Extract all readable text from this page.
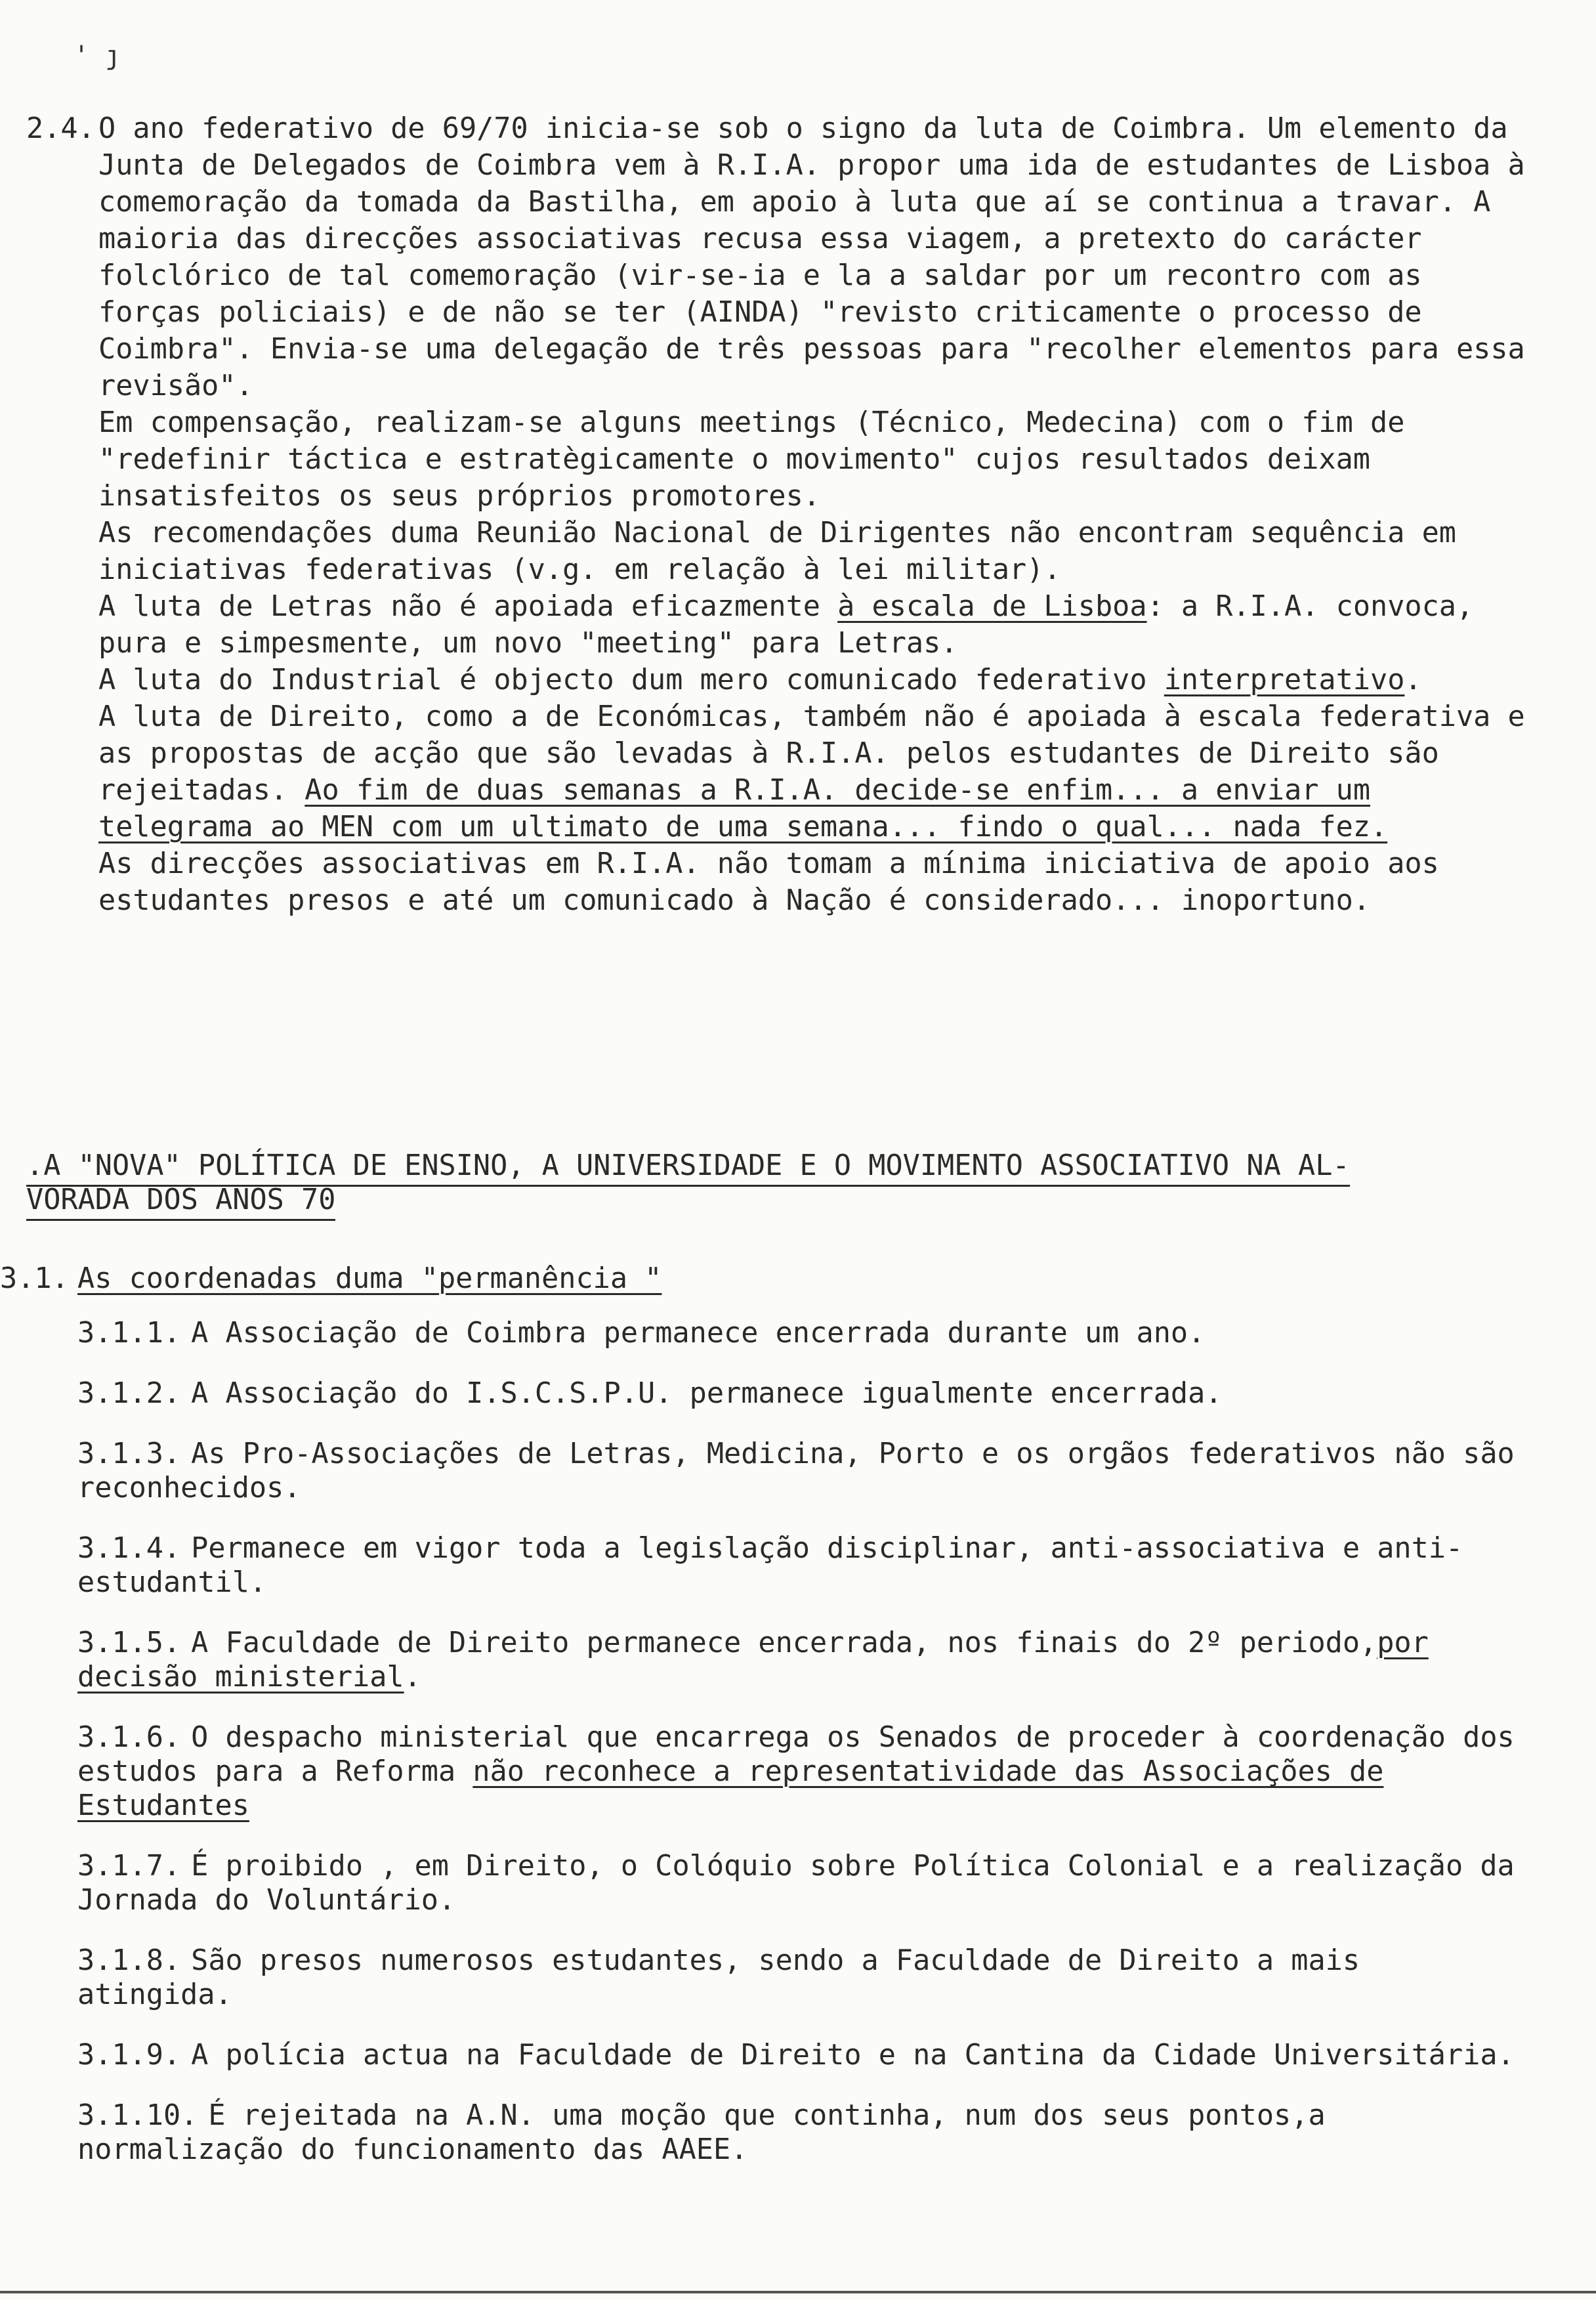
' ȷ
2.4. O ano federativo de 69/70 inicia-se sob o signo da luta de Coimbra. Um elemento da Junta de Delegados de Coimbra vem à R.I.A. propor uma ida de estudantes de Lisboa à comemoração da tomada da Bastilha, em apoio à luta que aí se continua a travar. A maioria das direcções associativas recusa essa viagem, a pretexto do carácter folclórico de tal comemoração (vir-se-ia e la a saldar por um recontro com as forças policiais) e de não se ter (AINDA) "revisto criticamente o processo de Coimbra". Envia-se uma delegação de três pessoas para "recolher elementos para essa revisão".
Em compensação, realizam-se alguns meetings (Técnico, Medecina) com o fim de "redefinir táctica e estratègicamente o movimento" cujos resultados deixam insatisfeitos os seus próprios promotores.
As recomendações duma Reunião Nacional de Dirigentes não encontram sequência em iniciativas federativas (v.g. em relação à lei militar).
A luta de Letras não é apoiada eficazmente à escala de Lisboa: a R.I.A. convoca, pura e simpesmente, um novo "meeting" para Letras.
A luta do Industrial é objecto dum mero comunicado federativo interpretativo.
A luta de Direito, como a de Económicas, também não é apoiada à escala federativa e as propostas de acção que são levadas à R.I.A. pelos estudantes de Direito são rejeitadas. Ao fim de duas semanas a R.I.A. decide-se enfim... a enviar um telegrama ao MEN com um ultimato de uma semana... findo o qual... nada fez.
As direcções associativas em R.I.A. não tomam a mínima iniciativa de apoio aos estudantes presos e até um comunicado à Nação é considerado... inoportuno.
.A "NOVA" POLÍTICA DE ENSINO, A UNIVERSIDADE E O MOVIMENTO ASSOCIATIVO NA AL-
VORADA DOS ANOS 70
3.1. As coordenadas duma "permanência "

3.1.1. A Associação de Coimbra permanece encerrada durante um ano.

3.1.2. A Associação do I.S.C.S.P.U. permanece igualmente encerrada.

3.1.3. As Pro-Associações de Letras, Medicina, Porto e os orgãos federativos não são reconhecidos.

3.1.4. Permanece em vigor toda a legislação disciplinar, anti-associativa e anti-estudantil.

3.1.5. A Faculdade de Direito permanece encerrada, nos finais do 2º periodo,por decisão ministerial.

3.1.6. O despacho ministerial que encarrega os Senados de proceder à coordenação dos estudos para a Reforma não reconhece a representatividade das Associações de Estudantes

3.1.7. É proibido , em Direito, o Colóquio sobre Política Colonial e a realização da Jornada do Voluntário.

3.1.8. São presos numerosos estudantes, sendo a Faculdade de Direito a mais atingida.

3.1.9. A polícia actua na Faculdade de Direito e na Cantina da Cidade Universitária.

3.1.10. É rejeitada na A.N. uma moção que continha, num dos seus pontos,a normalização do funcionamento das AAEE.
